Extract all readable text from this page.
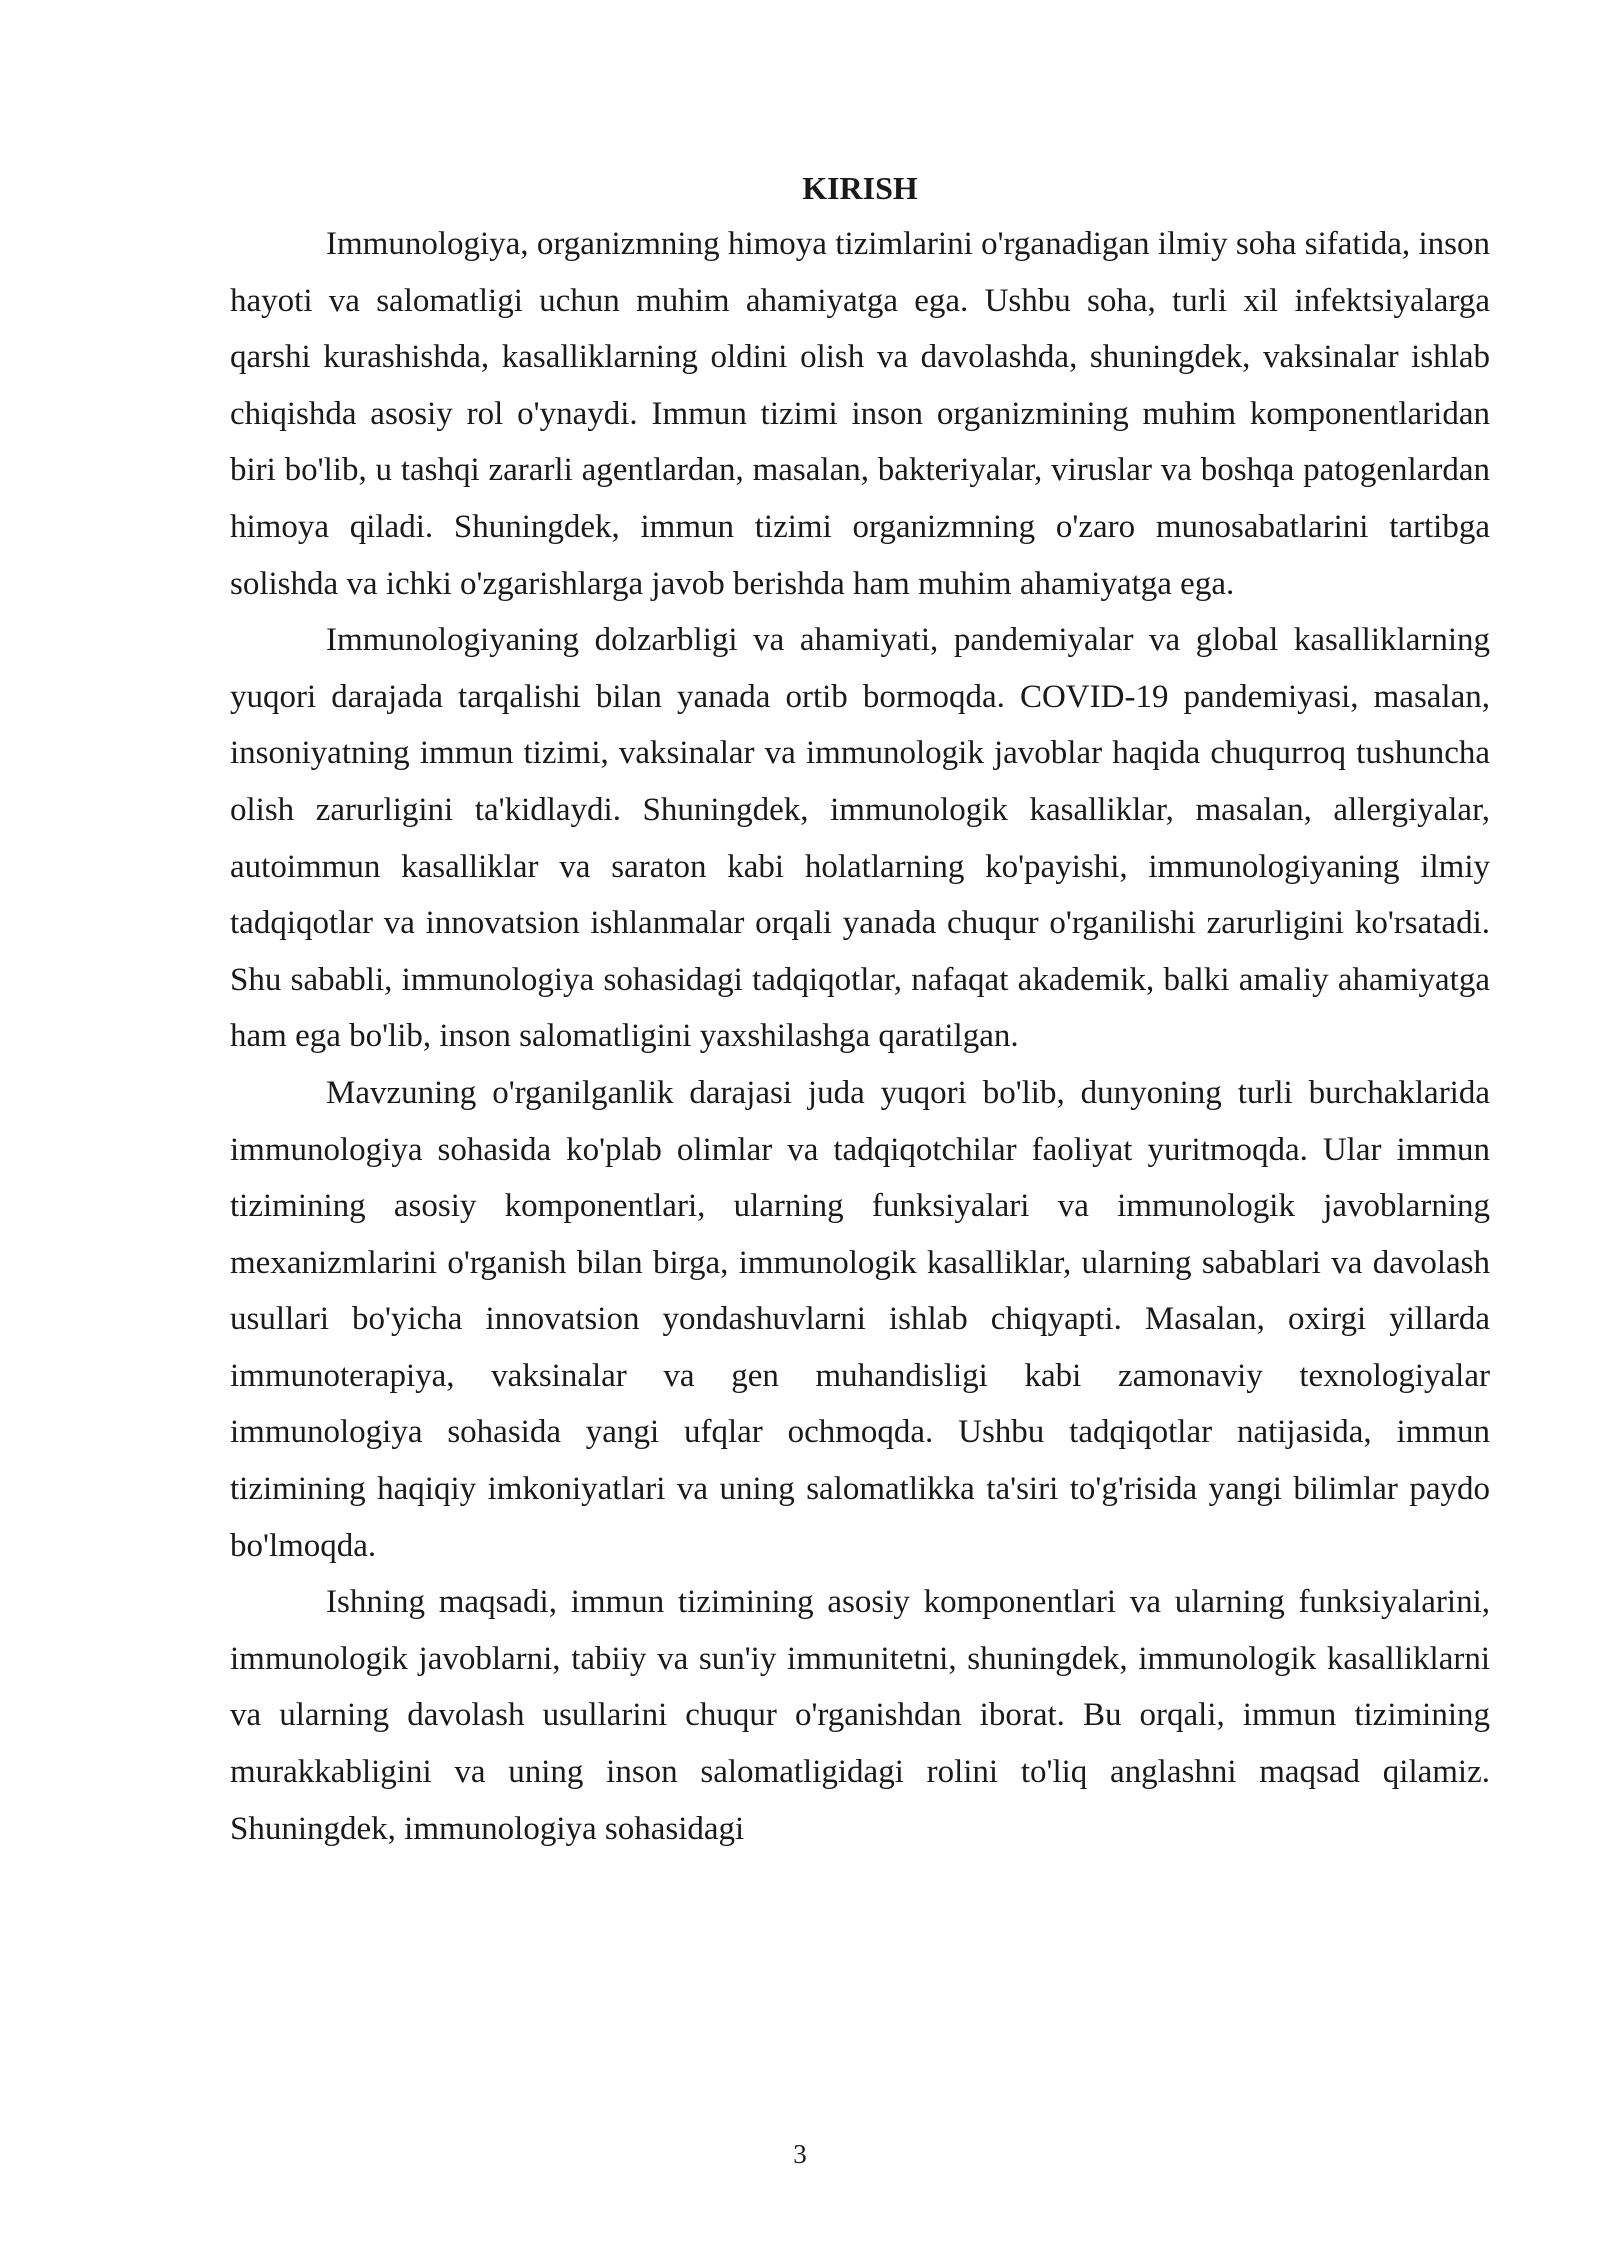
KIRISH

Immunologiya, organizmning himoya tizimlarini o'rganadigan ilmiy soha sifatida, inson hayoti va salomatligi uchun muhim ahamiyatga ega. Ushbu soha, turli xil infektsiyalarga qarshi kurashishda, kasalliklarning oldini olish va davolashda, shuningdek, vaksinalar ishlab chiqishda asosiy rol o'ynaydi. Immun tizimi inson organizmining muhim komponentlaridan biri bo'lib, u tashqi zararli agentlardan, masalan, bakteriyalar, viruslar va boshqa patogenlardan himoya qiladi. Shuningdek, immun tizimi organizmning o'zaro munosabatlarini tartibga solishda va ichki o'zgarishlarga javob berishda ham muhim ahamiyatga ega.

Immunologiyaning dolzarbligi va ahamiyati, pandemiyalar va global kasalliklarning yuqori darajada tarqalishi bilan yanada ortib bormoqda. COVID-19 pandemiyasi, masalan, insoniyatning immun tizimi, vaksinalar va immunologik javoblar haqida chuqurroq tushuncha olish zarurligini ta'kidlaydi. Shuningdek, immunologik kasalliklar, masalan, allergiyalar, autoimmun kasalliklar va saraton kabi holatlarning ko'payishi, immunologiyaning ilmiy tadqiqotlar va innovatsion ishlanmalar orqali yanada chuqur o'rganilishi zarurligini ko'rsatadi. Shu sababli, immunologiya sohasidagi tadqiqotlar, nafaqat akademik, balki amaliy ahamiyatga ham ega bo'lib, inson salomatligini yaxshilashga qaratilgan.

Mavzuning o'rganilganlik darajasi juda yuqori bo'lib, dunyoning turli burchaklarida immunologiya sohasida ko'plab olimlar va tadqiqotchilar faoliyat yuritmoqda. Ular immun tizimining asosiy komponentlari, ularning funksiyalari va immunologik javoblarning mexanizmlarini o'rganish bilan birga, immunologik kasalliklar, ularning sabablari va davolash usullari bo'yicha innovatsion yondashuvlarni ishlab chiqyapti. Masalan, oxirgi yillarda immunoterapiya, vaksinalar va gen muhandisligi kabi zamonaviy texnologiyalar immunologiya sohasida yangi ufqlar ochmoqda. Ushbu tadqiqotlar natijasida, immun tizimining haqiqiy imkoniyatlari va uning salomatlikka ta'siri to'g'risida yangi bilimlar paydo bo'lmoqda.

Ishning maqsadi, immun tizimining asosiy komponentlari va ularning funksiyalarini, immunologik javoblarni, tabiiy va sun'iy immunitetni, shuningdek, immunologik kasalliklarni va ularning davolash usullarini chuqur o'rganishdan iborat. Bu orqali, immun tizimining murakkabligini va uning inson salomatligidagi rolini to'liq anglashni maqsad qilamiz. Shuningdek, immunologiya sohasidagi

3
